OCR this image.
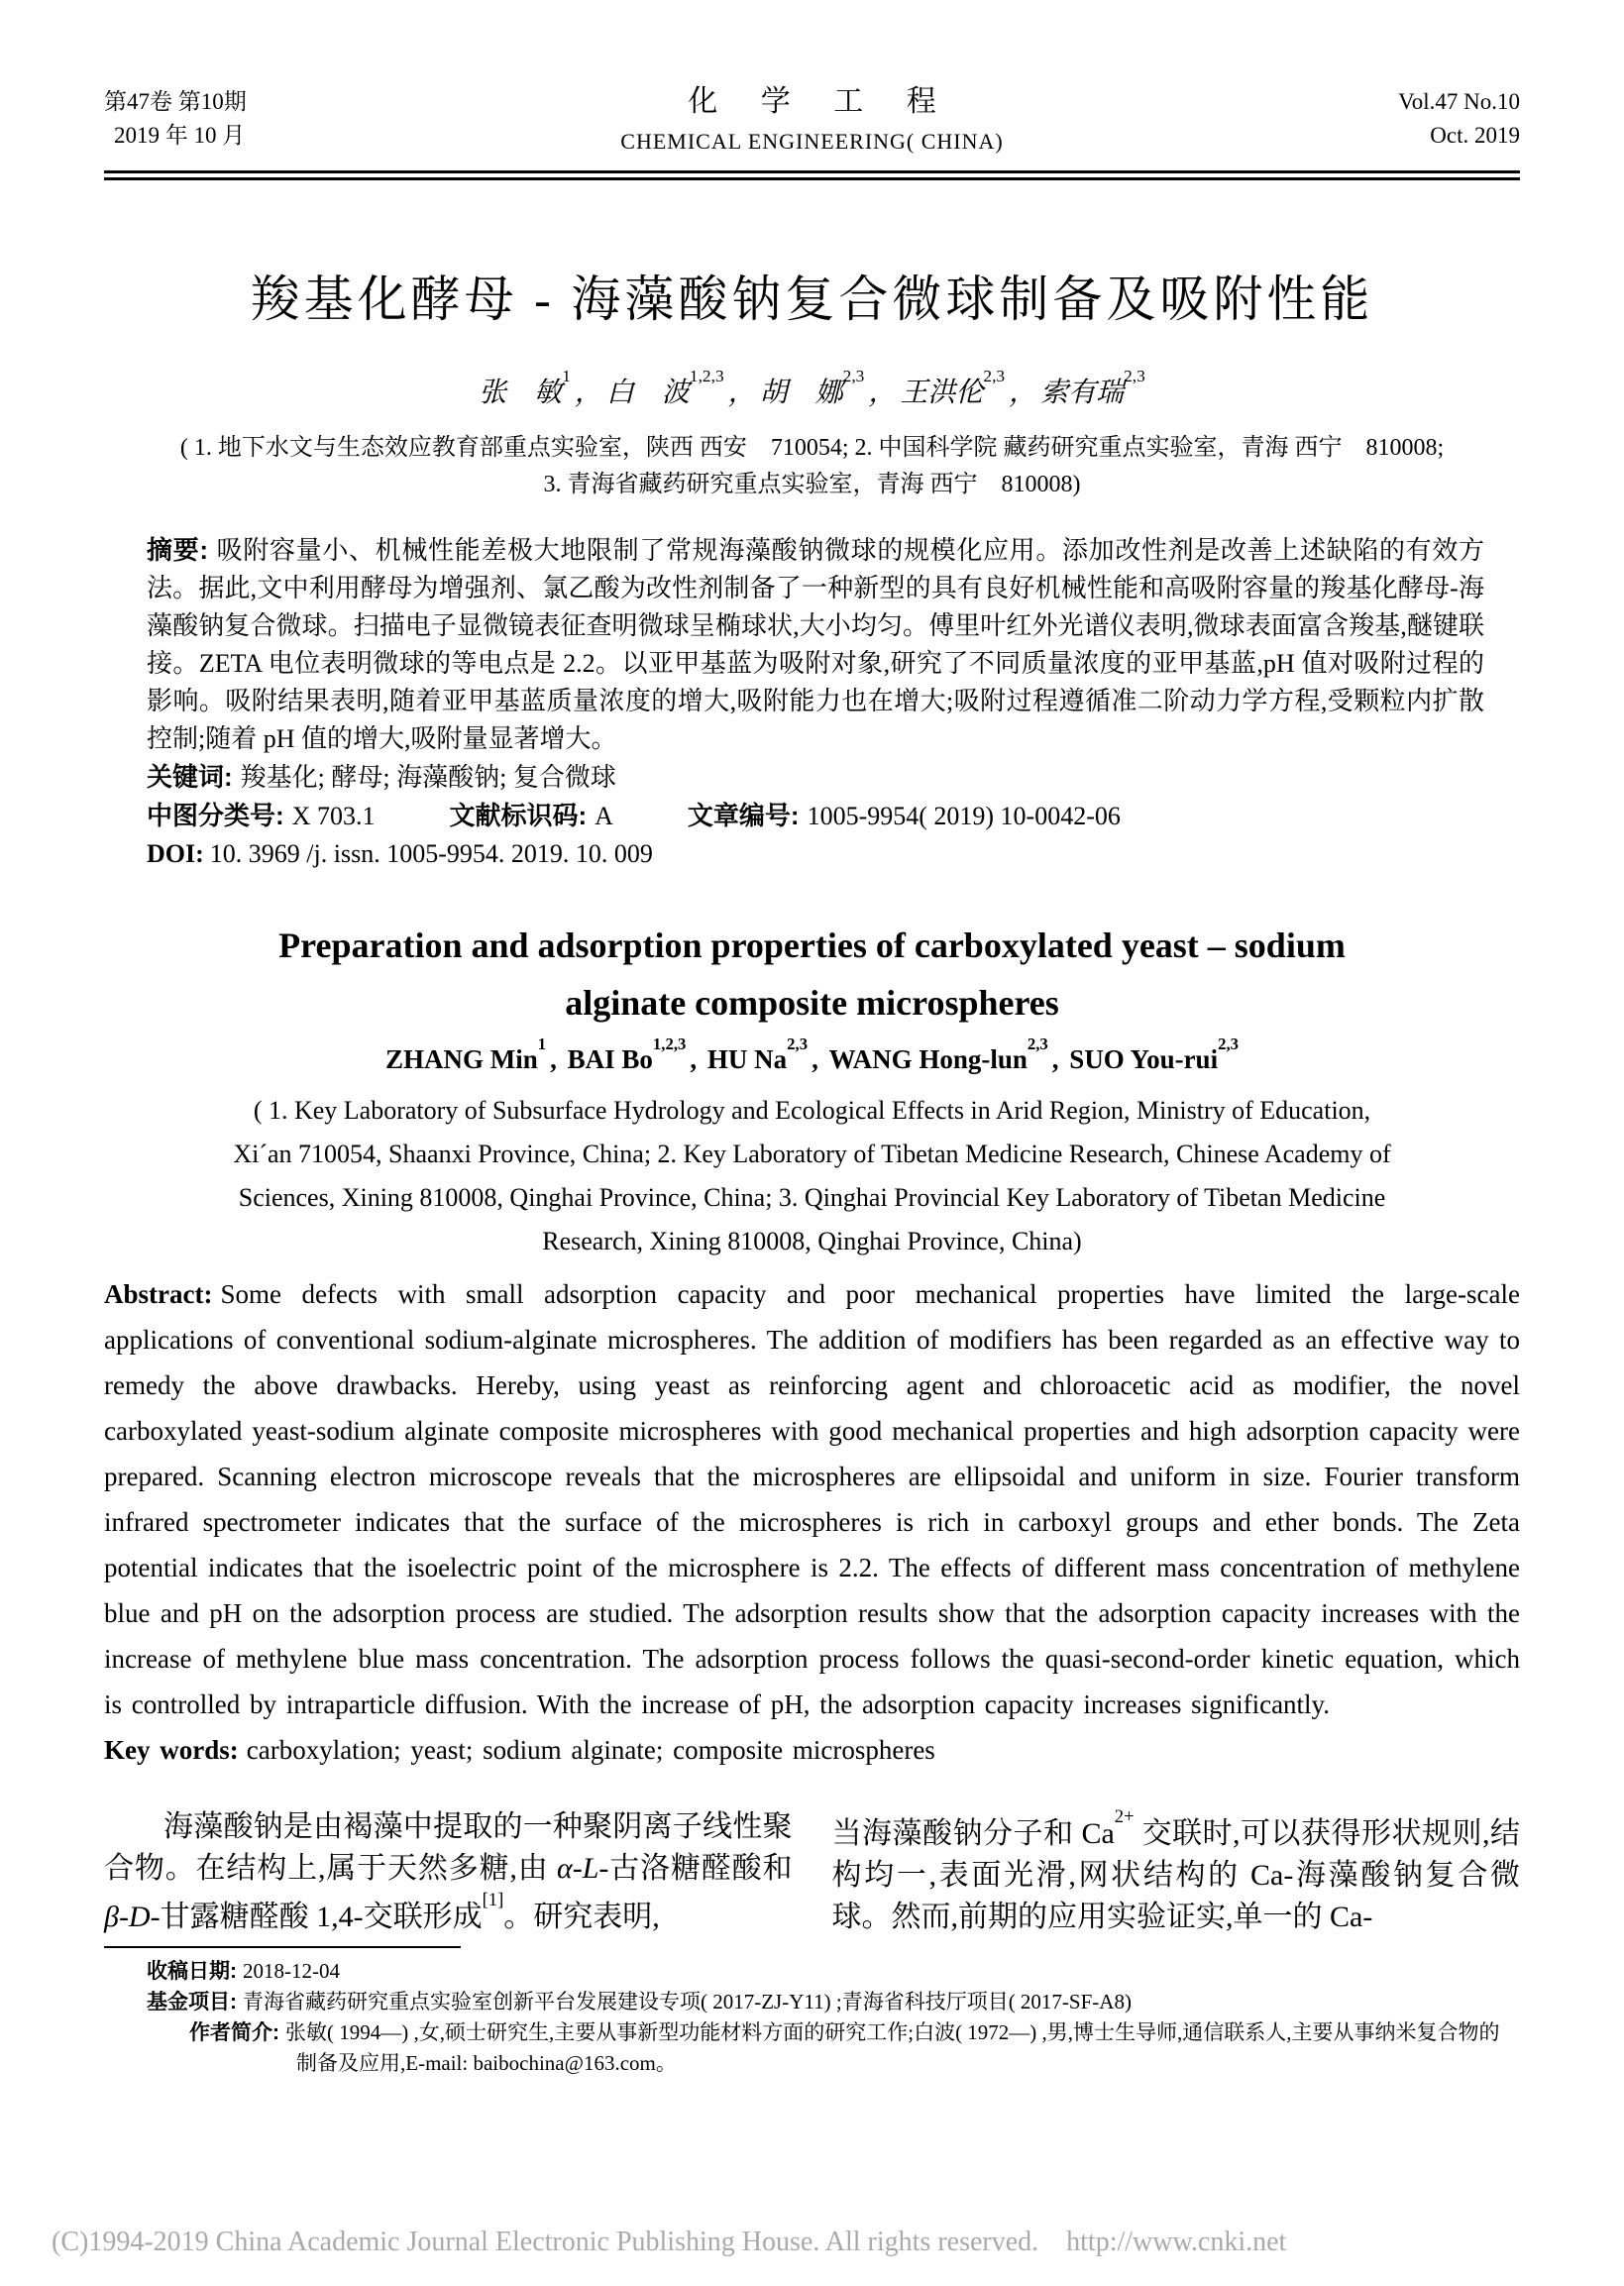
第47卷 第10期
2019 年 10 月
化 学 工 程
CHEMICAL ENGINEERING( CHINA)
Vol.47 No.10
Oct. 2019
羧基化酵母 - 海藻酸钠复合微球制备及吸附性能
张　敏$^1$， 白　波$^{1,2,3}$， 胡　娜$^{2,3}$， 王洪伦$^{2,3}$， 索有瑞$^{2,3}$
( 1. 地下水文与生态效应教育部重点实验室，陕西 西安　710054; 2. 中国科学院 藏药研究重点实验室，青海 西宁　810008;
3. 青海省藏药研究重点实验室，青海 西宁　810008)

摘要: 吸附容量小、机械性能差极大地限制了常规海藻酸钠微球的规模化应用。添加改性剂是改善上述缺陷的有效方法。据此,文中利用酵母为增强剂、氯乙酸为改性剂制备了一种新型的具有良好机械性能和高吸附容量的羧基化酵母-海藻酸钠复合微球。扫描电子显微镜表征查明微球呈椭球状,大小均匀。傅里叶红外光谱仪表明,微球表面富含羧基,醚键联接。ZETA 电位表明微球的等电点是 2.2。以亚甲基蓝为吸附对象,研究了不同质量浓度的亚甲基蓝,pH 值对吸附过程的影响。吸附结果表明,随着亚甲基蓝质量浓度的增大,吸附能力也在增大;吸附过程遵循准二阶动力学方程,受颗粒内扩散控制;随着 pH 值的增大,吸附量显著增大。

关键词: 羧基化; 酵母; 海藻酸钠; 复合微球

中图分类号: X 703.1	文献标识码: A	文章编号: 1005-9954( 2019) 10-0042-06

DOI: 10. 3969 /j. issn. 1005-9954. 2019. 10. 009

Preparation and adsorption properties of carboxylated yeast – sodium
alginate composite microspheres
ZHANG Min$^1$, BAI Bo$^{1,2,3}$, HU Na$^{2,3}$, WANG Hong-lun$^{2,3}$, SUO You-rui$^{2,3}$
( 1. Key Laboratory of Subsurface Hydrology and Ecological Effects in Arid Region, Ministry of Education,
Xi´an 710054, Shaanxi Province, China; 2. Key Laboratory of Tibetan Medicine Research, Chinese Academy of
Sciences, Xining 810008, Qinghai Province, China; 3. Qinghai Provincial Key Laboratory of Tibetan Medicine
Research, Xining 810008, Qinghai Province, China)

Abstract: Some defects with small adsorption capacity and poor mechanical properties have limited the large-scale applications of conventional sodium-alginate microspheres. The addition of modifiers has been regarded as an effective way to remedy the above drawbacks. Hereby, using yeast as reinforcing agent and chloroacetic acid as modifier, the novel carboxylated yeast-sodium alginate composite microspheres with good mechanical properties and high adsorption capacity were prepared. Scanning electron microscope reveals that the microspheres are ellipsoidal and uniform in size. Fourier transform infrared spectrometer indicates that the surface of the microspheres is rich in carboxyl groups and ether bonds. The Zeta potential indicates that the isoelectric point of the microsphere is 2.2. The effects of different mass concentration of methylene blue and pH on the adsorption process are studied. The adsorption results show that the adsorption capacity increases with the increase of methylene blue mass concentration. The adsorption process follows the quasi-second-order kinetic equation, which is controlled by intraparticle diffusion. With the increase of pH, the adsorption capacity increases significantly.

Key words: carboxylation; yeast; sodium alginate; composite microspheres

海藻酸钠是由褐藻中提取的一种聚阴离子线性聚合物。在结构上,属于天然多糖,由 α-L-古洛糖醛酸和 β-D-甘露糖醛酸 1,4-交联形成[1]。研究表明,

当海藻酸钠分子和 $Ca^{2+}$ 交联时,可以获得形状规则,结构均一,表面光滑,网状结构的 Ca-海藻酸钠复合微球。然而,前期的应用实验证实,单一的 Ca-

收稿日期: 2018-12-04
基金项目: 青海省藏药研究重点实验室创新平台发展建设专项( 2017-ZJ-Y11) ;青海省科技厅项目( 2017-SF-A8)
作者简介: 张敏( 1994—) ,女,硕士研究生,主要从事新型功能材料方面的研究工作;白波( 1972—) ,男,博士生导师,通信联系人,主要从事纳米复合物的制备及应用,E-mail: baibochina@163.com。
(C)1994-2019 China Academic Journal Electronic Publishing House. All rights reserved.    http://www.cnki.net
